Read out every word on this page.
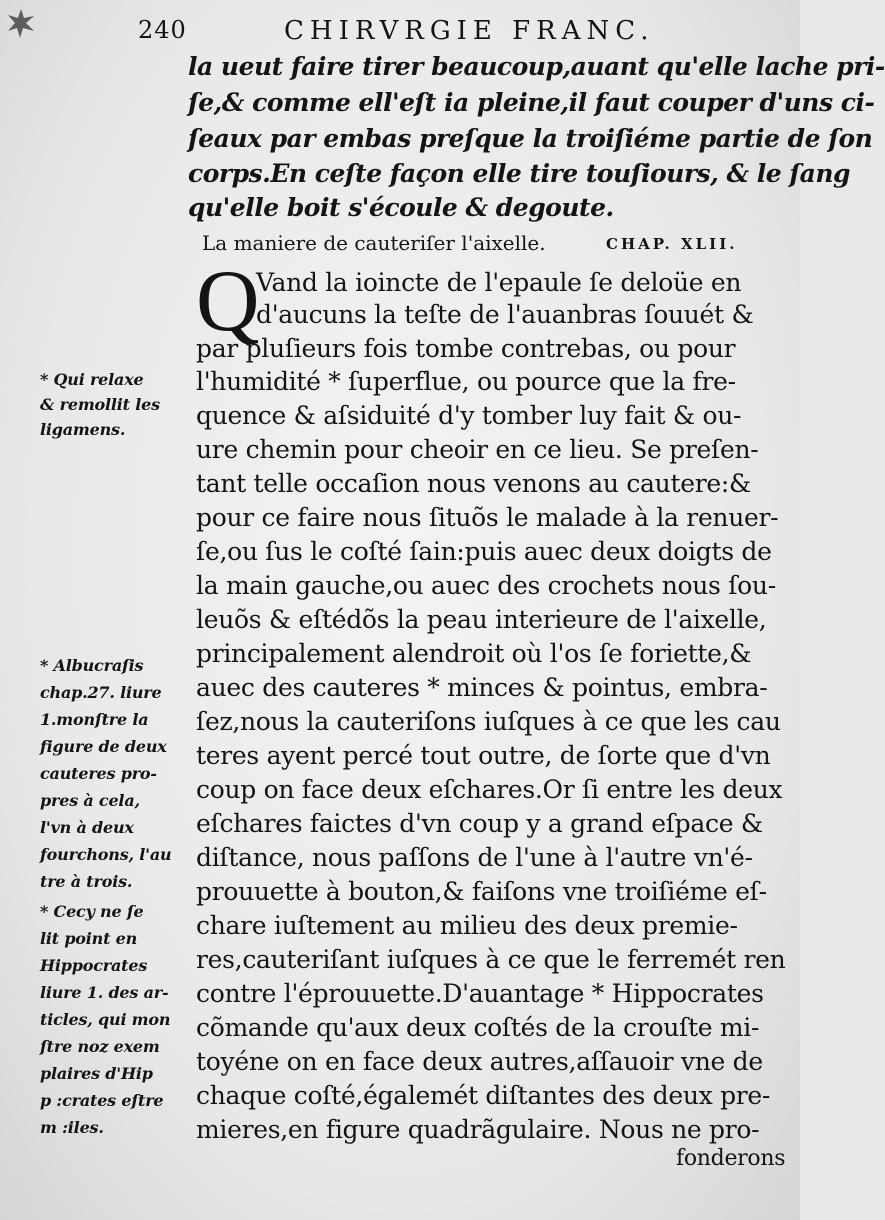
240	CHIRVRGIE FRANC.
la ueut faire tirer beaucoup,auant qu'elle lache pri-
ſe,& comme ell'eſt ia pleine,il faut couper d'uns ci-
ſeaux par embas preſque la troiſiéme partie de ſon
corps.En ceſte façon elle tire touſiours, & le ſang
qu'elle boit s'écoule & degoute.
La maniere de cauteriſer l'aixelle.	CHAP. XLII.
Q
Vand la ioincte de l'epaule ſe deloüe en
d'aucuns la teſte de l'auanbras ſouuét &
par pluſieurs fois tombe contrebas, ou pour
l'humidité * ſuperflue, ou pource que la fre-
quence & aſsiduité d'y tomber luy fait & ou-
ure chemin pour cheoir en ce lieu. Se preſen-
tant telle occaſion nous venons au cautere:&
pour ce faire nous ſituõs le malade à la renuer-
ſe,ou ſus le coſté ſain:puis auec deux doigts de
la main gauche,ou auec des crochets nous ſou-
leuõs & eſtédõs la peau interieure de l'aixelle,
principalement alendroit où l'os ſe foriette,&
auec des cauteres * minces & pointus, embra-
ſez,nous la cauteriſons iuſques à ce que les cau
teres ayent percé tout outre, de ſorte que d'vn
coup on face deux eſchares.Or ſi entre les deux
eſchares faictes d'vn coup y a grand eſpace &
diſtance, nous paſſons de l'une à l'autre vn'é-
prouuette à bouton,& faiſons vne troiſiéme eſ-
chare iuſtement au milieu des deux premie-
res,cauteriſant iuſques à ce que le ferremét ren
contre l'éprouuette.D'auantage * Hippocrates
cõmande qu'aux deux coſtés de la crouſte mi-
toyéne on en face deux autres,aſſauoir vne de
chaque coſté,égalemét diſtantes des deux pre-
mieres,en figure quadrãgulaire. Nous ne pro-
fonderons
* Qui relaxe
& remollit les
ligamens.
* Albucraſis
chap.27. liure
1.monſtre la
figure de deux
cauteres pro-
pres à cela,
l'vn à deux
fourchons, l'au
tre à trois.
* Cecy ne ſe
lit point en
Hippocrates
liure 1. des ar-
ticles, qui mon
ſtre noz exem
plaires d'Hip
p :crates eſtre
m :iles.
